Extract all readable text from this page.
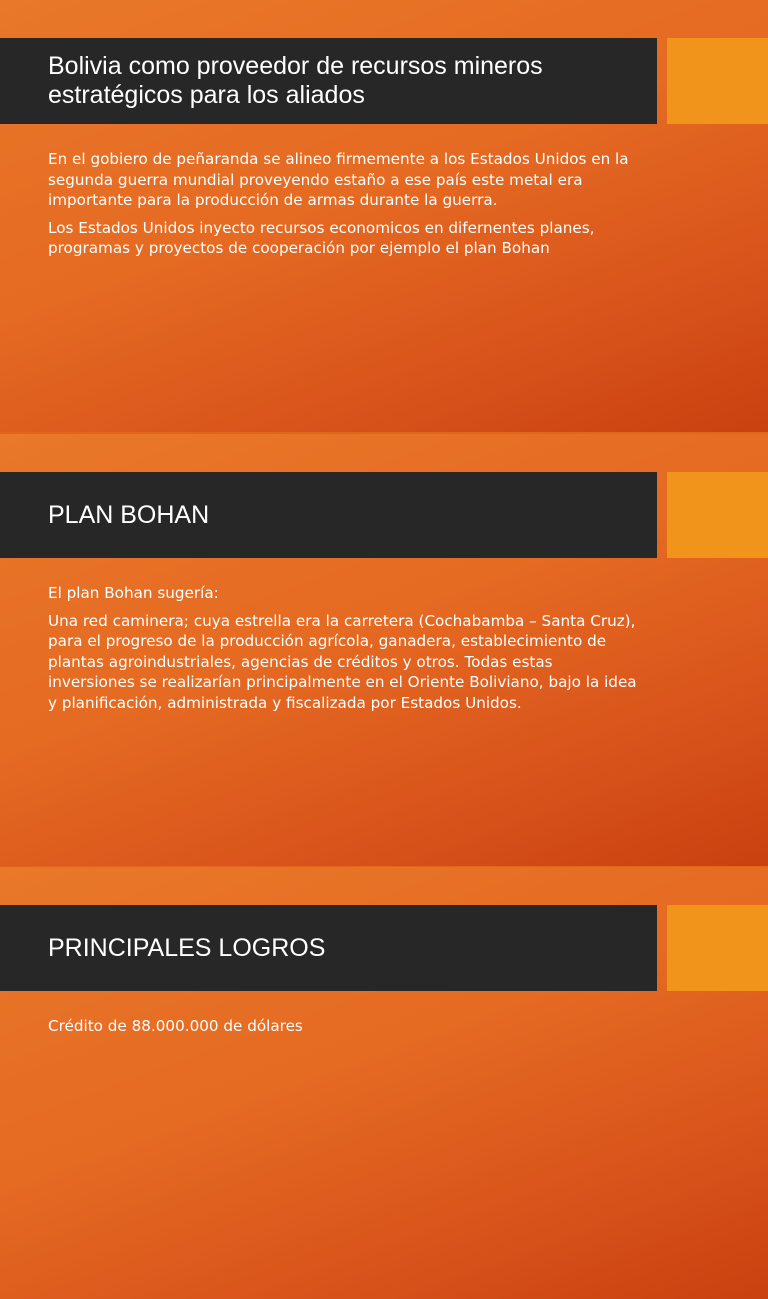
Bolivia como proveedor de recursos mineros estratégicos para los aliados

En el gobiero de peñaranda se alineo firmemente a los Estados Unidos en la segunda guerra mundial proveyendo estaño a ese país este metal era importante para la producción de armas durante la guerra.

Los Estados Unidos inyecto recursos economicos en difernentes planes, programas y proyectos de cooperación por ejemplo el plan Bohan

PLAN BOHAN

El plan Bohan sugería:

Una red caminera; cuya estrella era la carretera (Cochabamba – Santa Cruz), para el progreso de la producción agrícola, ganadera, establecimiento de plantas agroindustriales, agencias de créditos y otros. Todas estas inversiones se realizarían principalmente en el Oriente Boliviano, bajo la idea y planificación, administrada y fiscalizada por Estados Unidos.

PRINCIPALES LOGROS

Crédito de 88.000.000 de dólares
